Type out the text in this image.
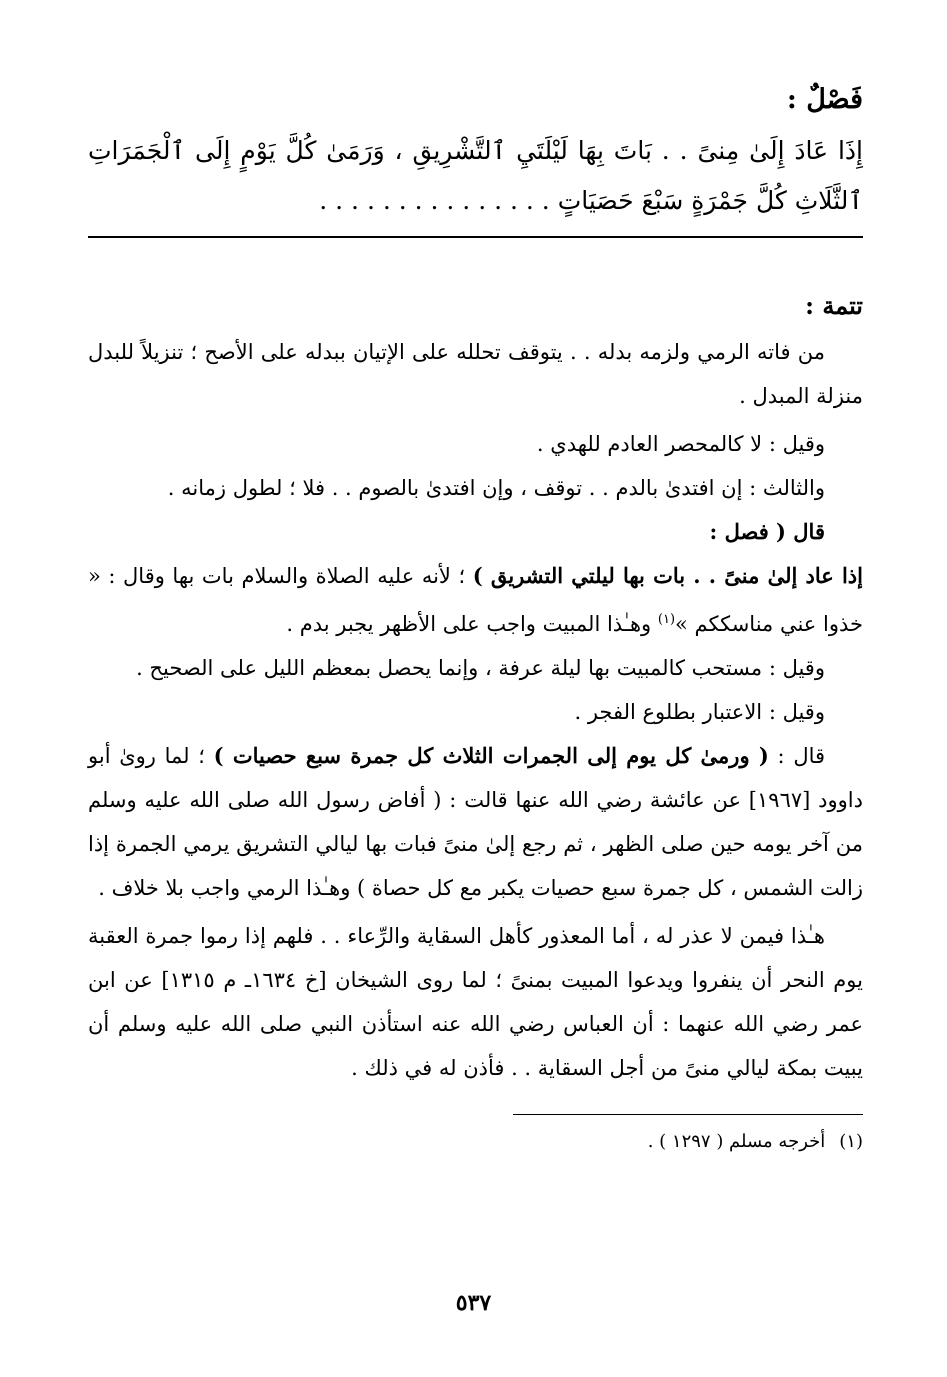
فَصْلٌ :
إِذَا عَادَ إِلَىٰ مِنىً . . بَاتَ بِهَا لَيْلَتَيِ ٱلتَّشْرِيقِ ، وَرَمَىٰ كُلَّ يَوْمٍ إِلَى ٱلْجَمَرَاتِ ٱلثَّلَاثِ كُلَّ جَمْرَةٍ سَبْعَ حَصَيَاتٍ . . . . . . . . . . . . . . .
تتمة :

من فاته الرمي ولزمه بدله . . يتوقف تحلله على الإتيان ببدله على الأصح ؛ تنزيلاً للبدل منزلة المبدل .

وقيل : لا كالمحصر العادم للهدي .

والثالث : إن افتدىٰ بالدم . . توقف ، وإن افتدىٰ بالصوم . . فلا ؛ لطول زمانه .

قال ( فصل :

إذا عاد إلىٰ منىً . . بات بها ليلتي التشريق ) ؛ لأنه عليه الصلاة والسلام بات بها وقال : « خذوا عني مناسككم »$^{(١)}$ وهـٰذا المبيت واجب على الأظهر يجبر بدم .

وقيل : مستحب كالمبيت بها ليلة عرفة ، وإنما يحصل بمعظم الليل على الصحيح .

وقيل : الاعتبار بطلوع الفجر .

قال : ( ورمىٰ كل يوم إلى الجمرات الثلاث كل جمرة سبع حصيات ) ؛ لما روىٰ أبو داوود [١٩٦٧] عن عائشة رضي الله عنها قالت : ( أفاض رسول الله صلى الله عليه وسلم من آخر يومه حين صلى الظهر ، ثم رجع إلىٰ منىً فبات بها ليالي التشريق يرمي الجمرة إذا زالت الشمس ، كل جمرة سبع حصيات يكبر مع كل حصاة ) وهـٰذا الرمي واجب بلا خلاف .

هـٰذا فيمن لا عذر له ، أما المعذور كأهل السقاية والرِّعاء . . فلهم إذا رموا جمرة العقبة يوم النحر أن ينفروا ويدعوا المبيت بمنىً ؛ لما روى الشيخان [خ ١٦٣٤ـ م ١٣١٥] عن ابن عمر رضي الله عنهما : أن العباس رضي الله عنه استأذن النبي صلى الله عليه وسلم أن يبيت بمكة ليالي منىً من أجل السقاية . . فأذن له في ذلك .

(١)أخرجه مسلم ( ١٢٩٧ ) .
٥٣٧
